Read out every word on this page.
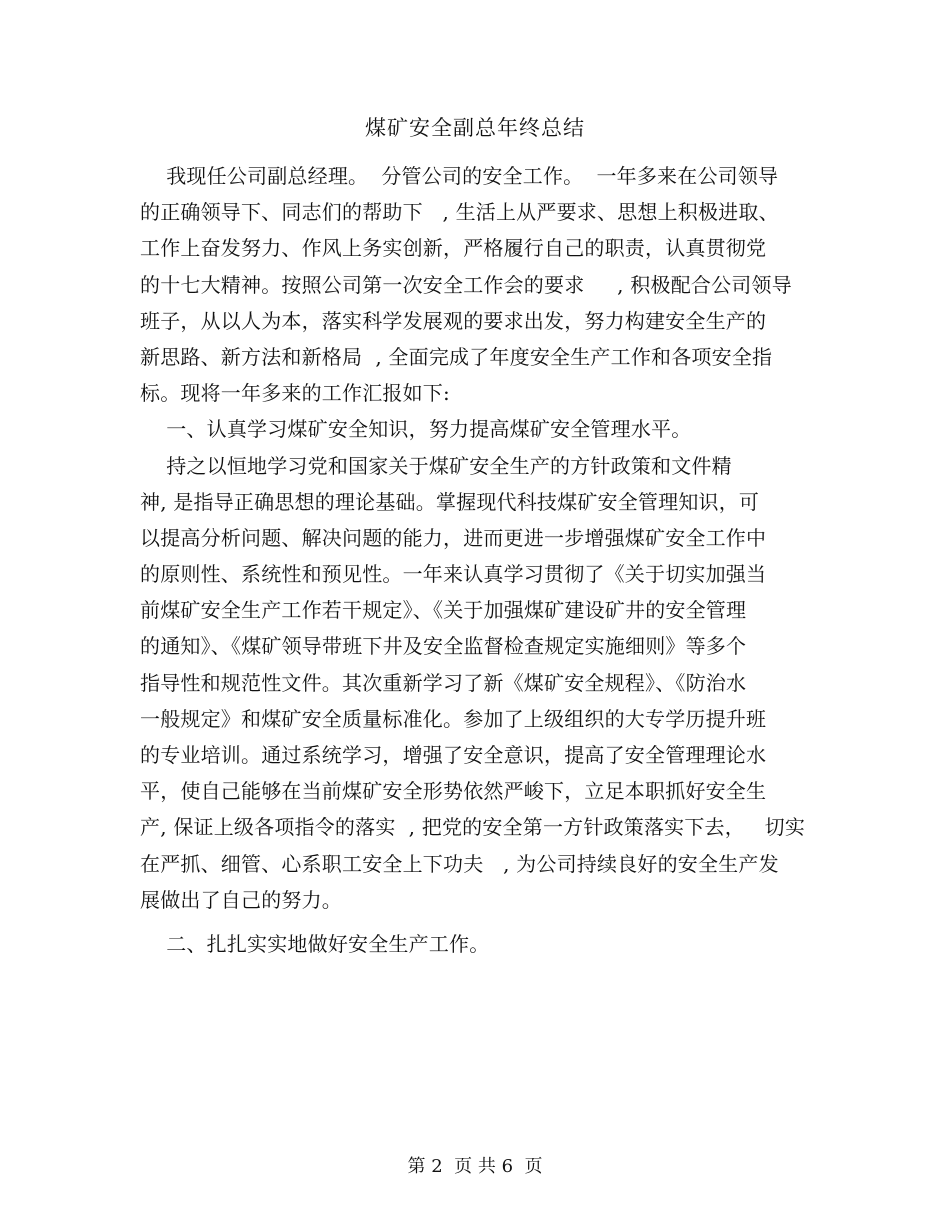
煤矿安全副总年终总结
我现任公司副总经理。  分管公司的安全工作。  一年多来在公司领导
的正确领导下、同志们的帮助下   , 生活上从严要求、思想上积极进取、
工作上奋发努力、作风上务实创新，严格履行自己的职责，认真贯彻党
的十七大精神。按照公司第一次安全工作会的要求     , 积极配合公司领导
班子，从以人为本，落实科学发展观的要求出发，努力构建安全生产的
新思路、新方法和新格局  , 全面完成了年度安全生产工作和各项安全指
标。现将一年多来的工作汇报如下:
一、认真学习煤矿安全知识，努力提高煤矿安全管理水平。
持之以恒地学习党和国家关于煤矿安全生产的方针政策和文件精
神, 是指导正确思想的理论基础。掌握现代科技煤矿安全管理知识，可
以提高分析问题、解决问题的能力，进而更进一步增强煤矿安全工作中
的原则性、系统性和预见性。一年来认真学习贯彻了《关于切实加强当
前煤矿安全生产工作若干规定》、《关于加强煤矿建设矿井的安全管理
的通知》、《煤矿领导带班下井及安全监督检查规定实施细则》等多个
指导性和规范性文件。其次重新学习了新《煤矿安全规程》、《防治水
一般规定》和煤矿安全质量标准化。参加了上级组织的大专学历提升班
的专业培训。通过系统学习，增强了安全意识，提高了安全管理理论水
平，使自己能够在当前煤矿安全形势依然严峻下，立足本职抓好安全生
产, 保证上级各项指令的落实  , 把党的安全第一方针政策落实下去，   切实
在严抓、细管、心系职工安全上下功夫   , 为公司持续良好的安全生产发
展做出了自己的努力。
二、扎扎实实地做好安全生产工作。
第 2  页 共 6  页
